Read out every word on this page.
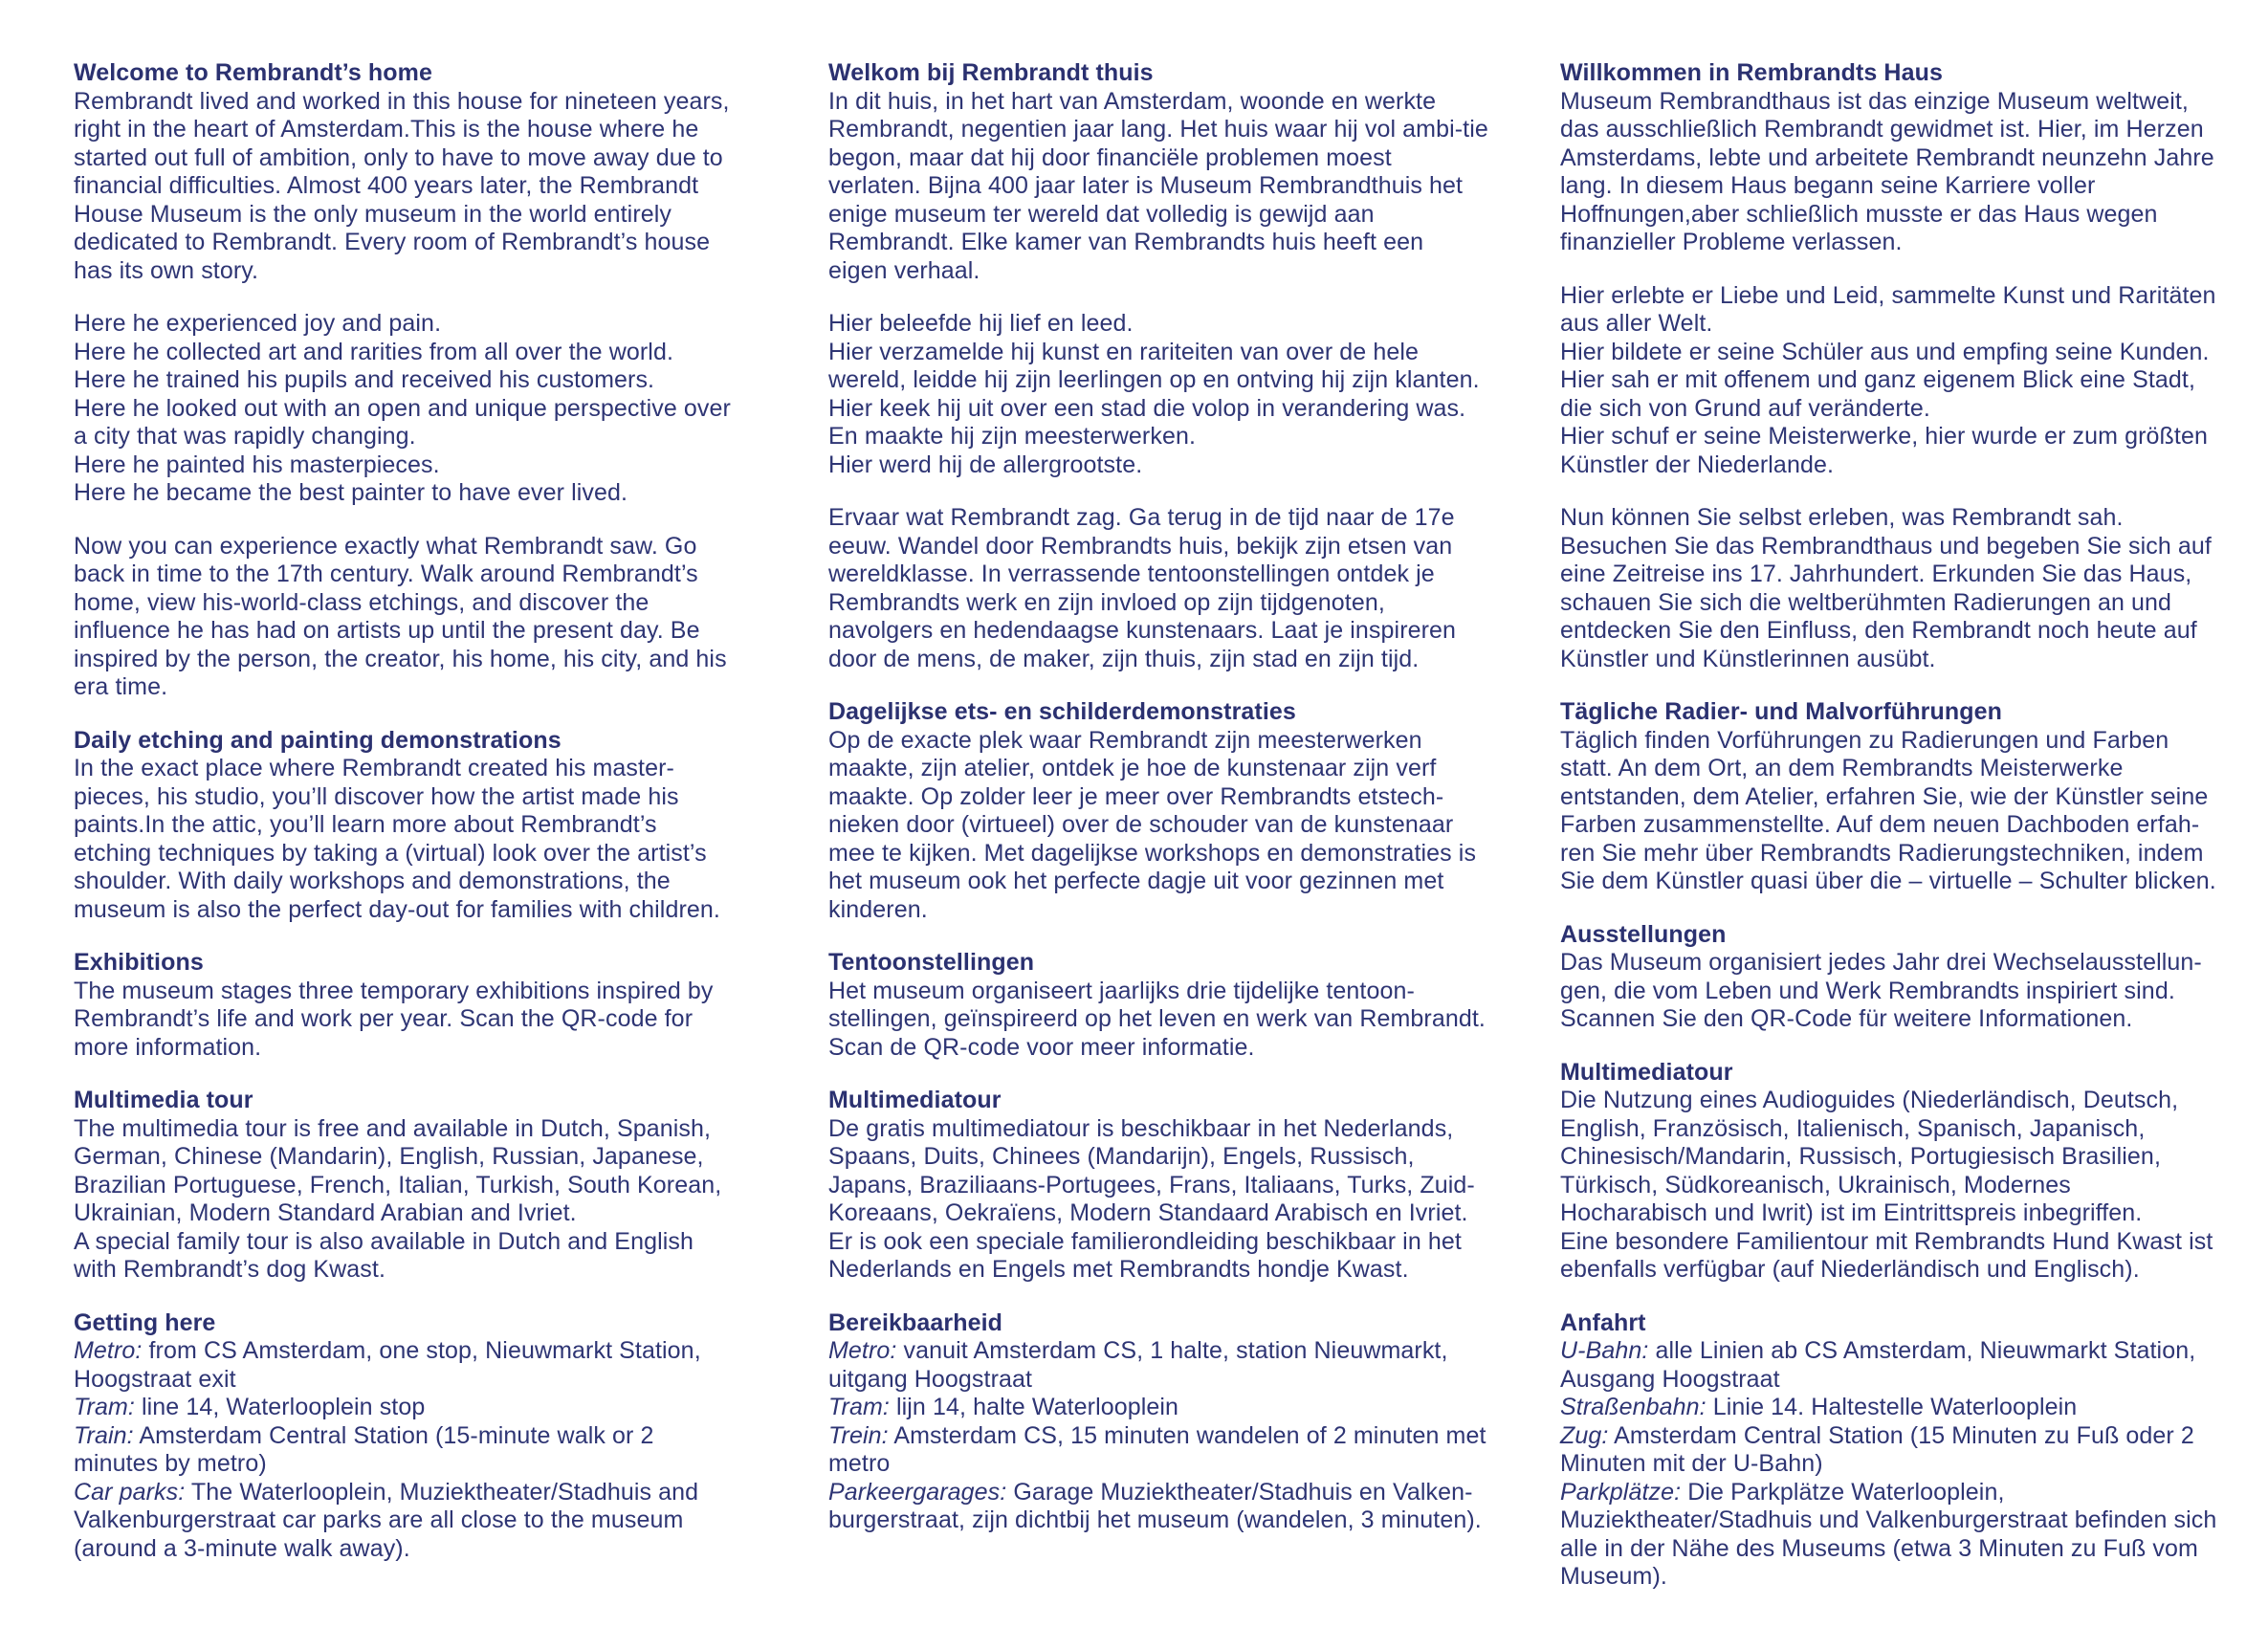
Welcome to Rembrandt’s home

Rembrandt lived and worked in this house for nineteen years, right in the heart of Amsterdam.This is the house where he started out full of ambition, only to have to move away due to financial difficulties. Almost 400 years later, the Rembrandt House Museum is the only museum in the world entirely dedicated to Rembrandt. Every room of Rembrandt’s house has its own story.

Here he experienced joy and pain.
Here he collected art and rarities from all over the world.
Here he trained his pupils and received his customers.
Here he looked out with an open and unique perspective over a city that was rapidly changing.
Here he painted his masterpieces.
Here he became the best painter to have ever lived.

Now you can experience exactly what Rembrandt saw. Go back in time to the 17th century. Walk around Rembrandt’s home, view his-world-class etchings, and discover the influence he has had on artists up until the present day. Be inspired by the person, the creator, his home, his city, and his era time.

Daily etching and painting demonstrations

In the exact place where Rembrandt created his master-pieces, his studio, you’ll discover how the artist made his paints.In the attic, you’ll learn more about Rembrandt’s etching techniques by taking a (virtual) look over the artist’s shoulder. With daily workshops and demonstrations, the museum is also the perfect day-out for families with children.

Exhibitions

The museum stages three temporary exhibitions inspired by Rembrandt’s life and work per year. Scan the QR-code for more information.

Multimedia tour

The multimedia tour is free and available in Dutch, Spanish, German, Chinese (Mandarin), English, Russian, Japanese, Brazilian Portuguese, French, Italian, Turkish, South Korean, Ukrainian, Modern Standard Arabian and Ivriet.
A special family tour is also available in Dutch and English with Rembrandt’s dog Kwast.

Getting here

Metro: from CS Amsterdam, one stop, Nieuwmarkt Station, Hoogstraat exit

Tram: line 14, Waterlooplein stop

Train: Amsterdam Central Station (15-minute walk or 2 minutes by metro)

Car parks: The Waterlooplein, Muziektheater/Stadhuis and Valkenburgerstraat car parks are all close to the museum (around a 3-minute walk away).

Welkom bij Rembrandt thuis

In dit huis, in het hart van Amsterdam, woonde en werkte Rembrandt, negentien jaar lang. Het huis waar hij vol ambi-tie begon, maar dat hij door financiële problemen moest verlaten. Bijna 400 jaar later is Museum Rembrandthuis het enige museum ter wereld dat volledig is gewijd aan Rembrandt. Elke kamer van Rembrandts huis heeft een eigen verhaal.

Hier beleefde hij lief en leed.
Hier verzamelde hij kunst en rariteiten van over de hele wereld, leidde hij zijn leerlingen op en ontving hij zijn klanten.
Hier keek hij uit over een stad die volop in verandering was.
En maakte hij zijn meesterwerken.
Hier werd hij de allergrootste.

Ervaar wat Rembrandt zag. Ga terug in de tijd naar de 17e eeuw. Wandel door Rembrandts huis, bekijk zijn etsen van wereldklasse. In verrassende tentoonstellingen ontdek je Rembrandts werk en zijn invloed op zijn tijdgenoten, navolgers en hedendaagse kunstenaars. Laat je inspireren door de mens, de maker, zijn thuis, zijn stad en zijn tijd.

Dagelijkse ets- en schilderdemonstraties

Op de exacte plek waar Rembrandt zijn meesterwerken maakte, zijn atelier, ontdek je hoe de kunstenaar zijn verf maakte. Op zolder leer je meer over Rembrandts etstech-nieken door (virtueel) over de schouder van de kunstenaar mee te kijken. Met dagelijkse workshops en demonstraties is het museum ook het perfecte dagje uit voor gezinnen met kinderen.

Tentoonstellingen

Het museum organiseert jaarlijks drie tijdelijke tentoon-stellingen, geïnspireerd op het leven en werk van Rembrandt. Scan de QR-code voor meer informatie.

Multimediatour

De gratis multimediatour is beschikbaar in het Nederlands, Spaans, Duits, Chinees (Mandarijn), Engels, Russisch, Japans, Braziliaans-Portugees, Frans, Italiaans, Turks, Zuid-Koreaans, Oekraïens, Modern Standaard Arabisch en Ivriet. Er is ook een speciale familierondleiding beschikbaar in het Nederlands en Engels met Rembrandts hondje Kwast.

Bereikbaarheid

Metro: vanuit Amsterdam CS, 1 halte, station Nieuwmarkt, uitgang Hoogstraat

Tram: lijn 14, halte Waterlooplein

Trein: Amsterdam CS, 15 minuten wandelen of 2 minuten met metro

Parkeergarages: Garage Muziektheater/Stadhuis en Valken-burgerstraat, zijn dichtbij het museum (wandelen, 3 minuten).

Willkommen in Rembrandts Haus

Museum Rembrandthaus ist das einzige Museum weltweit, das ausschließlich Rembrandt gewidmet ist. Hier, im Herzen Amsterdams, lebte und arbeitete Rembrandt neunzehn Jahre lang. In diesem Haus begann seine Karriere voller Hoffnungen,aber schließlich musste er das Haus wegen finanzieller Probleme verlassen.

Hier erlebte er Liebe und Leid, sammelte Kunst und Raritäten aus aller Welt.
Hier bildete er seine Schüler aus und empfing seine Kunden.
Hier sah er mit offenem und ganz eigenem Blick eine Stadt, die sich von Grund auf veränderte.
Hier schuf er seine Meisterwerke, hier wurde er zum größten Künstler der Niederlande.

Nun können Sie selbst erleben, was Rembrandt sah. Besuchen Sie das Rembrandthaus und begeben Sie sich auf eine Zeitreise ins 17. Jahrhundert. Erkunden Sie das Haus, schauen Sie sich die weltberühmten Radierungen an und entdecken Sie den Einfluss, den Rembrandt noch heute auf Künstler und Künstlerinnen ausübt.

Tägliche Radier- und Malvorführungen

Täglich finden Vorführungen zu Radierungen und Farben statt. An dem Ort, an dem Rembrandts Meisterwerke entstanden, dem Atelier, erfahren Sie, wie der Künstler seine Farben zusammenstellte. Auf dem neuen Dachboden erfah-ren Sie mehr über Rembrandts Radierungstechniken, indem Sie dem Künstler quasi über die – virtuelle – Schulter blicken.

Ausstellungen

Das Museum organisiert jedes Jahr drei Wechselausstellun-gen, die vom Leben und Werk Rembrandts inspiriert sind. Scannen Sie den QR-Code für weitere Informationen.

Multimediatour

Die Nutzung eines Audioguides (Niederländisch, Deutsch, English, Französisch, Italienisch, Spanisch, Japanisch, Chinesisch/Mandarin, Russisch, Portugiesisch Brasilien, Türkisch, Südkoreanisch, Ukrainisch, Modernes Hocharabisch und Iwrit) ist im Eintrittspreis inbegriffen.
Eine besondere Familientour mit Rembrandts Hund Kwast ist ebenfalls verfügbar (auf Niederländisch und Englisch).

Anfahrt

U-Bahn: alle Linien ab CS Amsterdam, Nieuwmarkt Station, Ausgang Hoogstraat

Straßenbahn: Linie 14. Haltestelle Waterlooplein

Zug: Amsterdam Central Station (15 Minuten zu Fuß oder 2 Minuten mit der U-Bahn)

Parkplätze: Die Parkplätze Waterlooplein, Muziektheater/Stadhuis und Valkenburgerstraat befinden sich alle in der Nähe des Museums (etwa 3 Minuten zu Fuß vom Museum).
